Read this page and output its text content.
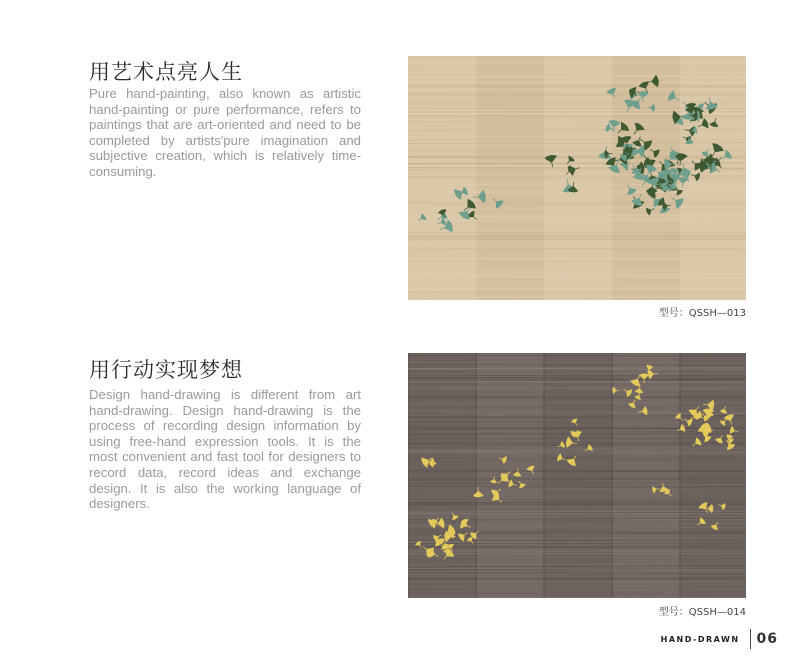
用艺术点亮人生
Pure hand-painting, also known as artistic hand-painting or pure performance, refers to paintings that are art-oriented and need to be completed by artists'pure imagination and subjective creation, which is relatively time-consuming.
型号：QSSH—013
用行动实现梦想
Design hand-drawing is different from art hand-drawing. Design hand-drawing is the process of recording design information by using free-hand expression tools. It is the most convenient and fast tool for designers to record data, record ideas and exchange design. It is also the working language of designers.
型号：QSSH—014
HAND-DRAWN 06
